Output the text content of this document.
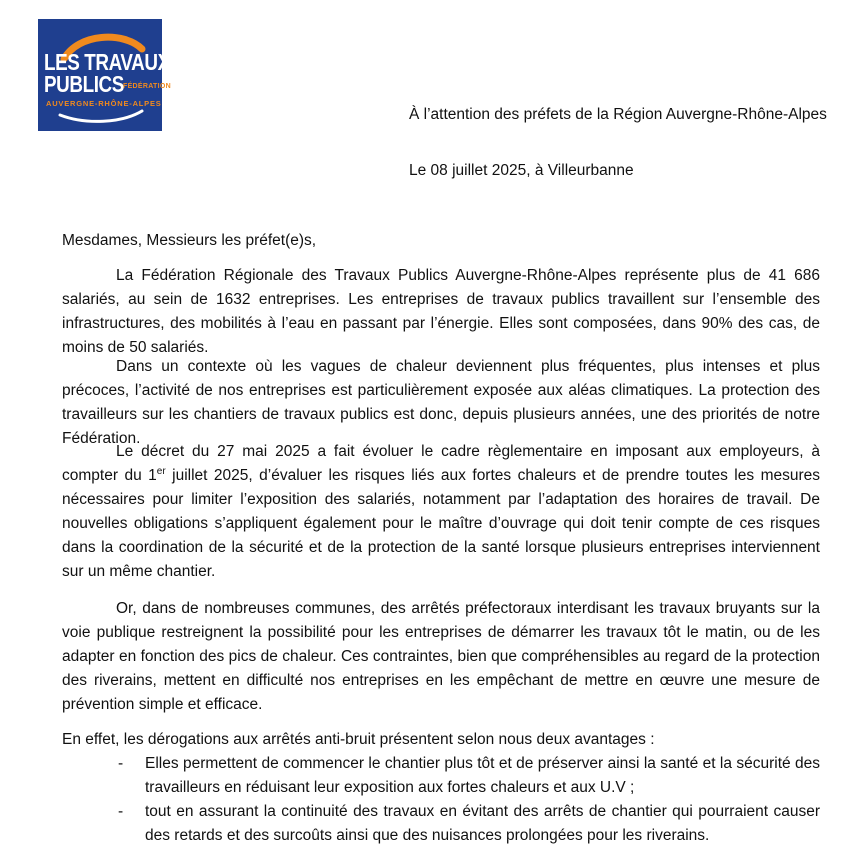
LES TRAVAUX
PUBLICS FÉDÉRATION
AUVERGNE-RHÔNE-ALPES

À l’attention des préfets de la Région Auvergne-Rhône-Alpes

Le 08 juillet 2025, à Villeurbanne

Mesdames, Messieurs les préfet(e)s,

La Fédération Régionale des Travaux Publics Auvergne-Rhône-Alpes représente plus de 41 686 salariés, au sein de 1632 entreprises. Les entreprises de travaux publics travaillent sur l’ensemble des infrastructures, des mobilités à l’eau en passant par l’énergie. Elles sont composées, dans 90% des cas, de moins de 50 salariés.

Dans un contexte où les vagues de chaleur deviennent plus fréquentes, plus intenses et plus précoces, l’activité de nos entreprises est particulièrement exposée aux aléas climatiques. La protection des travailleurs sur les chantiers de travaux publics est donc, depuis plusieurs années, une des priorités de notre Fédération.

Le décret du 27 mai 2025 a fait évoluer le cadre règlementaire en imposant aux employeurs, à compter du 1er juillet 2025, d’évaluer les risques liés aux fortes chaleurs et de prendre toutes les mesures nécessaires pour limiter l’exposition des salariés, notamment par l’adaptation des horaires de travail. De nouvelles obligations s’appliquent également pour le maître d’ouvrage qui doit tenir compte de ces risques dans la coordination de la sécurité et de la protection de la santé lorsque plusieurs entreprises interviennent sur un même chantier.

Or, dans de nombreuses communes, des arrêtés préfectoraux interdisant les travaux bruyants sur la voie publique restreignent la possibilité pour les entreprises de démarrer les travaux tôt le matin, ou de les adapter en fonction des pics de chaleur. Ces contraintes, bien que compréhensibles au regard de la protection des riverains, mettent en difficulté nos entreprises en les empêchant de mettre en œuvre une mesure de prévention simple et efficace.

En effet, les dérogations aux arrêtés anti-bruit présentent selon nous deux avantages :

- Elles permettent de commencer le chantier plus tôt et de préserver ainsi la santé et la sécurité des travailleurs en réduisant leur exposition aux fortes chaleurs et aux U.V ;
- tout en assurant la continuité des travaux en évitant des arrêts de chantier qui pourraient causer des retards et des surcoûts ainsi que des nuisances prolongées pour les riverains.
